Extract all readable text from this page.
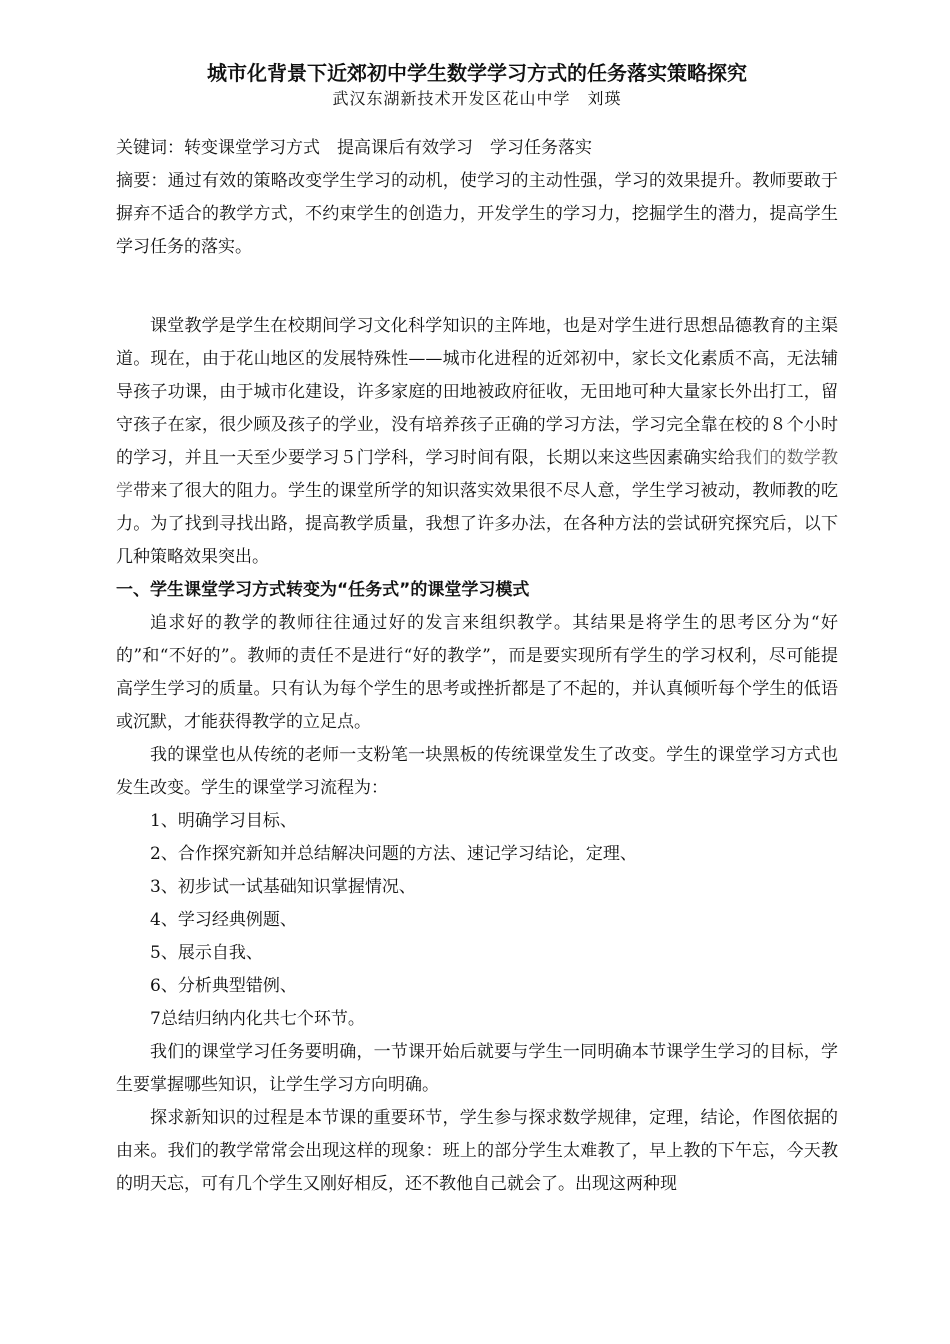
城市化背景下近郊初中学生数学学习方式的任务落实策略探究

武汉东湖新技术开发区花山中学　刘瑛

关键词：转变课堂学习方式　提高课后有效学习　学习任务落实

摘要：通过有效的策略改变学生学习的动机，使学习的主动性强，学习的效果提升。教师要敢于摒弃不适合的教学方式，不约束学生的创造力，开发学生的学习力，挖掘学生的潜力，提高学生学习任务的落实。

课堂教学是学生在校期间学习文化科学知识的主阵地，也是对学生进行思想品德教育的主渠道。现在，由于花山地区的发展特殊性——城市化进程的近郊初中，家长文化素质不高，无法辅导孩子功课，由于城市化建设，许多家庭的田地被政府征收，无田地可种大量家长外出打工，留守孩子在家，很少顾及孩子的学业，没有培养孩子正确的学习方法，学习完全靠在校的８个小时的学习，并且一天至少要学习５门学科，学习时间有限，长期以来这些因素确实给我们的数学教学带来了很大的阻力。学生的课堂所学的知识落实效果很不尽人意，学生学习被动，教师教的吃力。为了找到寻找出路，提高教学质量，我想了许多办法，在各种方法的尝试研究探究后，以下几种策略效果突出。

一、学生课堂学习方式转变为“任务式”的课堂学习模式

追求好的教学的教师往往通过好的发言来组织教学。其结果是将学生的思考区分为“好的”和“不好的”。教师的责任不是进行“好的教学”，而是要实现所有学生的学习权利，尽可能提高学生学习的质量。只有认为每个学生的思考或挫折都是了不起的，并认真倾听每个学生的低语或沉默，才能获得教学的立足点。

我的课堂也从传统的老师一支粉笔一块黑板的传统课堂发生了改变。学生的课堂学习方式也发生改变。学生的课堂学习流程为：

1、明确学习目标、

2、合作探究新知并总结解决问题的方法、速记学习结论，定理、

3、初步试一试基础知识掌握情况、

4、学习经典例题、

5、展示自我、

6、分析典型错例、

7总结归纳内化共七个环节。

我们的课堂学习任务要明确，一节课开始后就要与学生一同明确本节课学生学习的目标，学生要掌握哪些知识，让学生学习方向明确。

探求新知识的过程是本节课的重要环节，学生参与探求数学规律，定理，结论，作图依据的由来。我们的教学常常会出现这样的现象：班上的部分学生太难教了，早上教的下午忘，今天教的明天忘，可有几个学生又刚好相反，还不教他自己就会了。出现这两种现
